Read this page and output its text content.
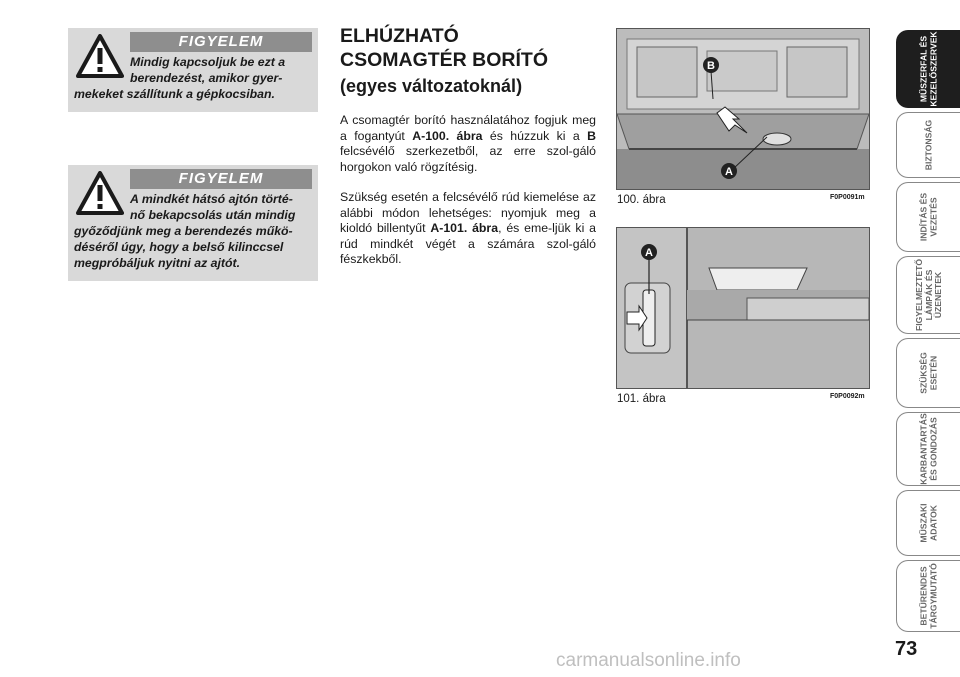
FIGYELEM
Mindig kapcsoljuk be ezt a
berendezést, amikor gyer-
mekeket szállítunk a gépkocsiban.
FIGYELEM
A mindkét hátsó ajtón törté-
nő bekapcsolás után mindig
győződjünk meg a berendezés műkö-
déséről úgy, hogy a belső kilinccsel
megpróbáljuk nyitni az ajtót.
ELHÚZHATÓ
CSOMAGTÉR BORÍTÓ
(egyes változatoknál)
A csomagtér borító használatához fogjuk meg a fogantyút A-100. ábra és húzzuk ki a B felcsévélő szerkezetből, az erre szol-gáló horgokon való rögzítésig.
Szükség esetén a felcsévélő rúd kiemelése az alábbi módon lehetséges: nyomjuk meg a kioldó billentyűt A-101. ábra, és eme-ljük ki a rúd mindkét végét a számára szol-gáló fészkekből.
B
A
100. ábra	F0P0091m
A
101. ábra	F0P0092m
MŰSZERFAL ÉS
KEZELŐSZERVEK
BIZTONSÁG
INDÍTÁS ÉS
VEZETÉS
FIGYELMEZTETŐ
LÁMPÁK ÉS
ÜZENETEK
SZÜKSÉG
ESETÉN
KARBANTARTÁS
ÉS GONDOZÁS
MŰSZAKI
ADATOK
BETŰRENDES
TÁRGYMUTATÓ
73
carmanualsonline.info
